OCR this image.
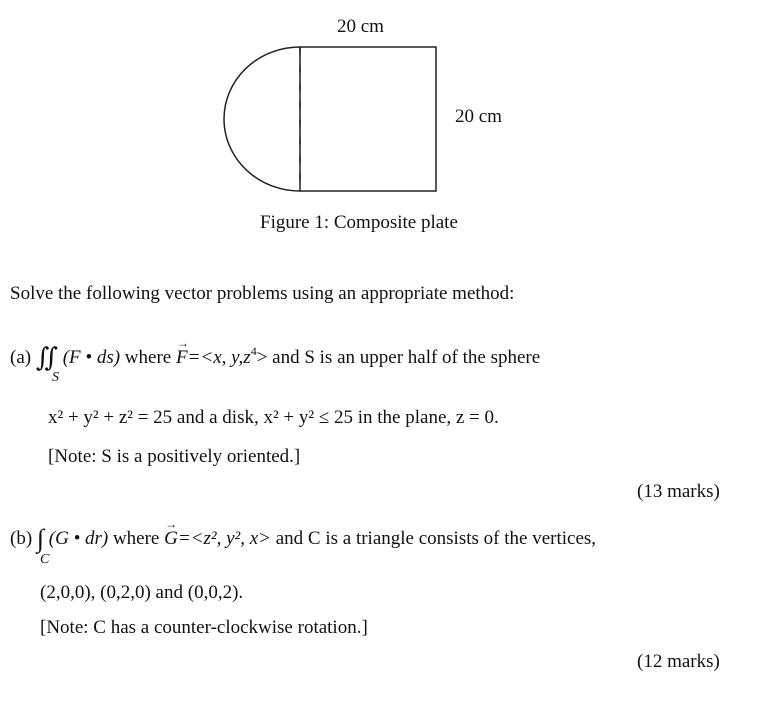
20 cm
20 cm
Figure 1: Composite plate
Solve the following vector problems using an appropriate method:
(a) ∬ (F • ds) where → F=<x, $y,z^4>$ and S is an upper half of the sphere
S
x² + y² + z² = 25 and a disk, x² + y² ≤ 25 in the plane, z = 0.
[Note: S is a positively oriented.]
(13 marks)
(b) ∫ (G • dr) where → G=<z², y², x> and C is a triangle consists of the vertices,
C
(2,0,0), (0,2,0) and (0,0,2).
[Note: C has a counter-clockwise rotation.]
(12 marks)
